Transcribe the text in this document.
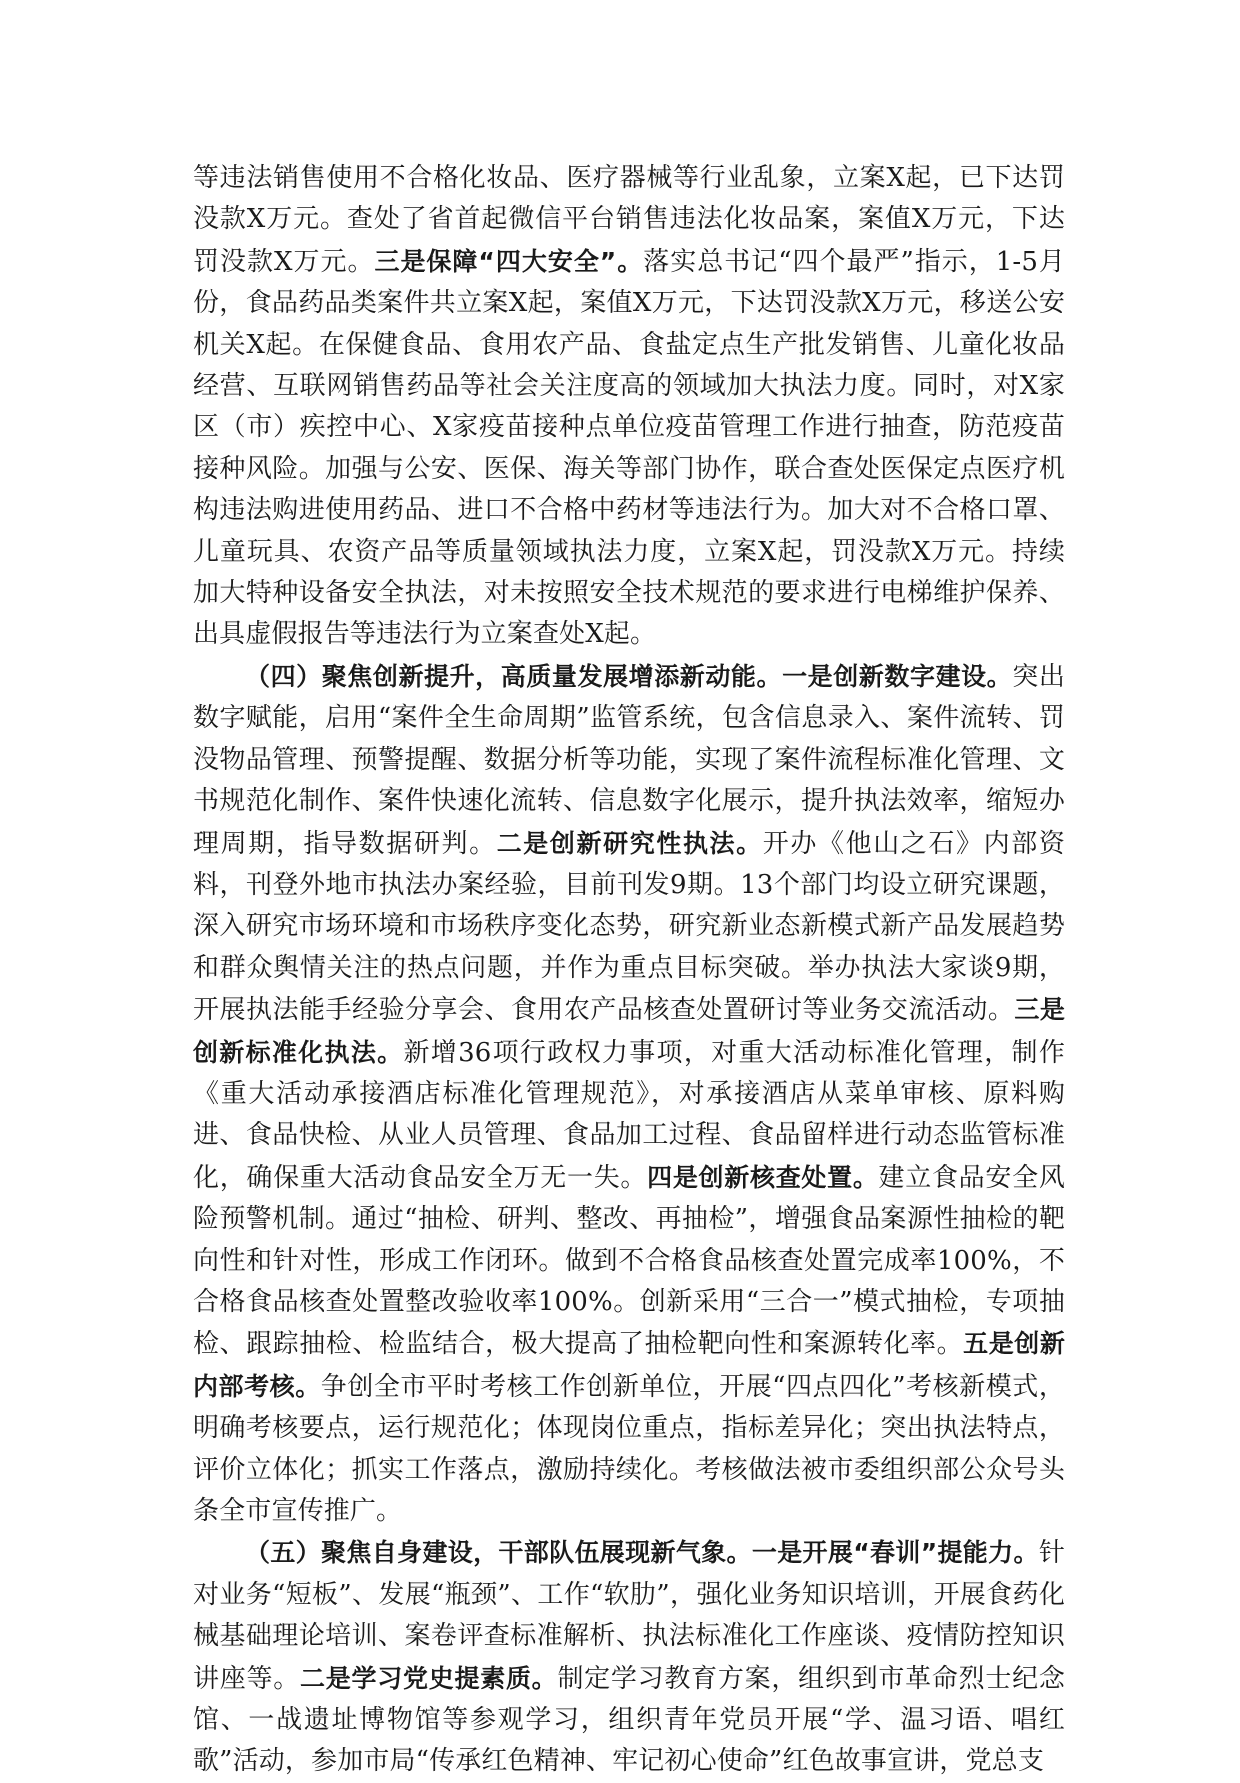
等违法销售使用不合格化妆品、医疗器械等行业乱象，立案X起，已下达罚没款X万元。查处了省首起微信平台销售违法化妆品案，案值X万元，下达罚没款X万元。三是保障“四大安全”。落实总书记“四个最严”指示，1-5月份，食品药品类案件共立案X起，案值X万元，下达罚没款X万元，移送公安机关X起。在保健食品、食用农产品、食盐定点生产批发销售、儿童化妆品经营、互联网销售药品等社会关注度高的领域加大执法力度。同时，对X家区（市）疾控中心、X家疫苗接种点单位疫苗管理工作进行抽查，防范疫苗接种风险。加强与公安、医保、海关等部门协作，联合查处医保定点医疗机构违法购进使用药品、进口不合格中药材等违法行为。加大对不合格口罩、儿童玩具、农资产品等质量领域执法力度，立案X起，罚没款X万元。持续加大特种设备安全执法，对未按照安全技术规范的要求进行电梯维护保养、出具虚假报告等违法行为立案查处X起。

（四）聚焦创新提升，高质量发展增添新动能。一是创新数字建设。突出数字赋能，启用“案件全生命周期”监管系统，包含信息录入、案件流转、罚没物品管理、预警提醒、数据分析等功能，实现了案件流程标准化管理、文书规范化制作、案件快速化流转、信息数字化展示，提升执法效率，缩短办理周期，指导数据研判。二是创新研究性执法。开办《他山之石》内部资料，刊登外地市执法办案经验，目前刊发9期。13个部门均设立研究课题，深入研究市场环境和市场秩序变化态势，研究新业态新模式新产品发展趋势和群众舆情关注的热点问题，并作为重点目标突破。举办执法大家谈9期，开展执法能手经验分享会、食用农产品核查处置研讨等业务交流活动。三是创新标准化执法。新增36项行政权力事项，对重大活动标准化管理，制作《重大活动承接酒店标准化管理规范》，对承接酒店从菜单审核、原料购进、食品快检、从业人员管理、食品加工过程、食品留样进行动态监管标准化，确保重大活动食品安全万无一失。四是创新核查处置。建立食品安全风险预警机制。通过“抽检、研判、整改、再抽检”，增强食品案源性抽检的靶向性和针对性，形成工作闭环。做到不合格食品核查处置完成率100%，不合格食品核查处置整改验收率100%。创新采用“三合一”模式抽检，专项抽检、跟踪抽检、检监结合，极大提高了抽检靶向性和案源转化率。五是创新内部考核。争创全市平时考核工作创新单位，开展“四点四化”考核新模式，明确考核要点，运行规范化；体现岗位重点，指标差异化；突出执法特点，评价立体化；抓实工作落点，激励持续化。考核做法被市委组织部公众号头条全市宣传推广。

（五）聚焦自身建设，干部队伍展现新气象。一是开展“春训”提能力。针对业务“短板”、发展“瓶颈”、工作“软肋”，强化业务知识培训，开展食药化械基础理论培训、案卷评查标准解析、执法标准化工作座谈、疫情防控知识讲座等。二是学习党史提素质。制定学习教育方案，组织到市革命烈士纪念馆、一战遗址博物馆等参观学习，组织青年党员开展“学、温习语、唱红歌”活动，参加市局“传承红色精神、牢记初心使命”红色故事宣讲，党总支
